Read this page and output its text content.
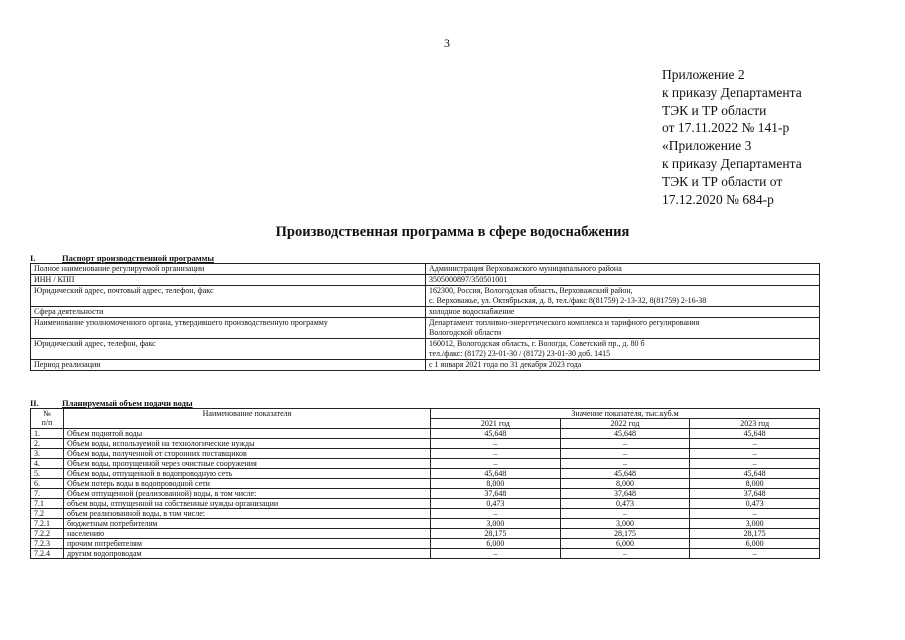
3
Приложение 2
к приказу Департамента
ТЭК и ТР области
от 17.11.2022 № 141-р
«Приложение 3
к приказу Департамента
ТЭК и ТР области от
17.12.2020 № 684-р
Производственная программа в сфере водоснабжения
I.	Паспорт производственной программы
Полное наименование регулируемой организации	Администрация Верховажского муниципального района
ИНН / КПП	3505000897/350501001
Юридический адрес, почтовый адрес, телефон, факс	162300, Россия, Вологодская область, Верховажский район,
с. Верховажье, ул. Октябрьская, д. 8, тел./факс 8(81759) 2-13-32, 8(81759) 2-16-38
Сфера деятельности	холодное водоснабжение
Наименование уполномоченного органа, утвердившего производственную программу	Департамент топливно-энергетического комплекса и тарифного регулирования
Вологодской области
Юридический адрес, телефон, факс	160012, Вологодская область, г. Вологда, Советский пр., д. 80 б
тел./факс: (8172) 23-01-30 / (8172) 23-01-30 доб. 1415
Период реализации	с 1 января 2021 года по 31 декабря 2023 года
II.	Планируемый объем подачи воды
№
п/п	Наименование показателя	Значение показателя, тыс.куб.м		
		2021 год	2022 год	2023 год
1.	Объем поднятой воды	45,648	45,648	45,648
2.	Объем воды, используемой на технологические нужды	–	–	–
3.	Объем воды, полученной от сторонних поставщиков	–	–	–
4.	Объем воды, пропущенной через очистные сооружения	–	–	–
5.	Объем воды, отпущенной в водопроводную сеть	45,648	45,648	45,648
6.	Объем потерь воды в водопроводной сети	8,000	8,000	8,000
7.	Объем отпущенной (реализованной) воды, в том числе:	37,648	37,648	37,648
7.1	объем воды, отпущенной на собственные нужды организации	0,473	0,473	0,473
7.2	объем реализованной воды, в том числе:	–	–	–
7.2.1	бюджетным потребителям	3,000	3,000	3,000
7.2.2	населению	28,175	28,175	28,175
7.2.3	прочим потребителям	6,000	6,000	6,000
7.2.4	другим водопроводам	–	–	–
